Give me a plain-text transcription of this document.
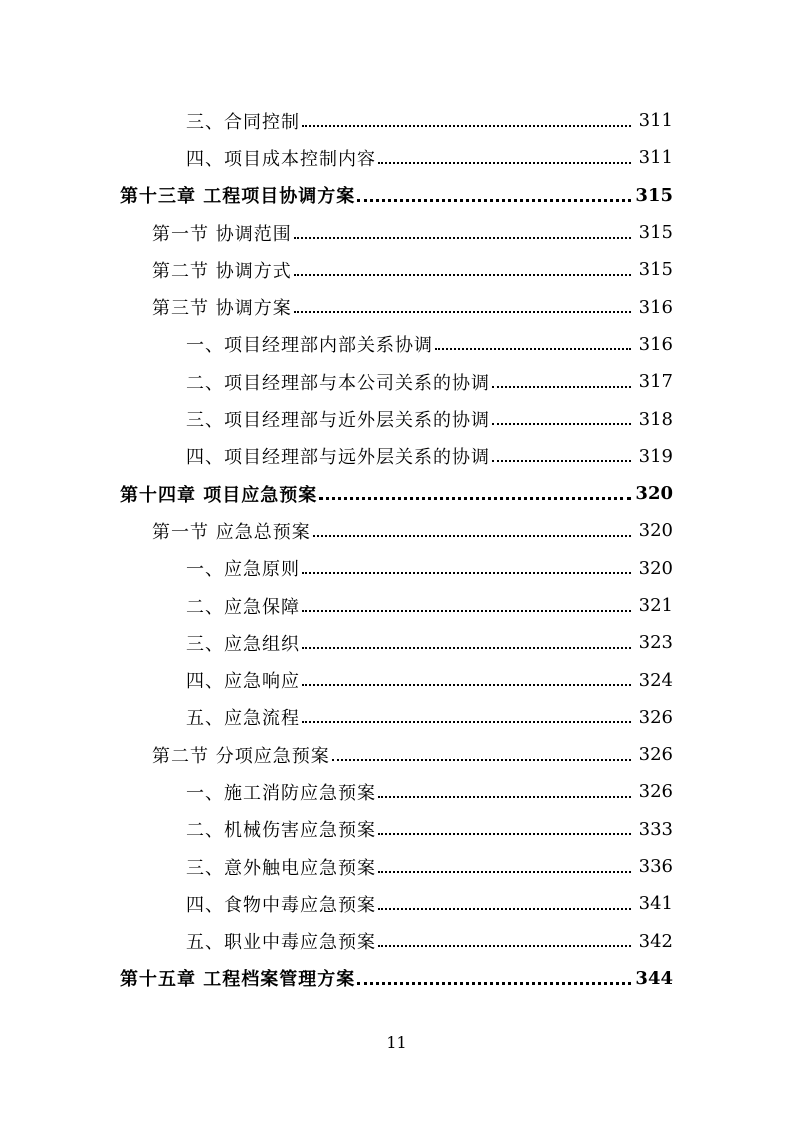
三、合同控制	311
四、项目成本控制内容	311
第十三章 工程项目协调方案	315
第一节 协调范围	315
第二节 协调方式	315
第三节 协调方案	316
一、项目经理部内部关系协调	316
二、项目经理部与本公司关系的协调	317
三、项目经理部与近外层关系的协调	318
四、项目经理部与远外层关系的协调	319
第十四章 项目应急预案	320
第一节 应急总预案	320
一、应急原则	320
二、应急保障	321
三、应急组织	323
四、应急响应	324
五、应急流程	326
第二节 分项应急预案	326
一、施工消防应急预案	326
二、机械伤害应急预案	333
三、意外触电应急预案	336
四、食物中毒应急预案	341
五、职业中毒应急预案	342
第十五章 工程档案管理方案	344
11
